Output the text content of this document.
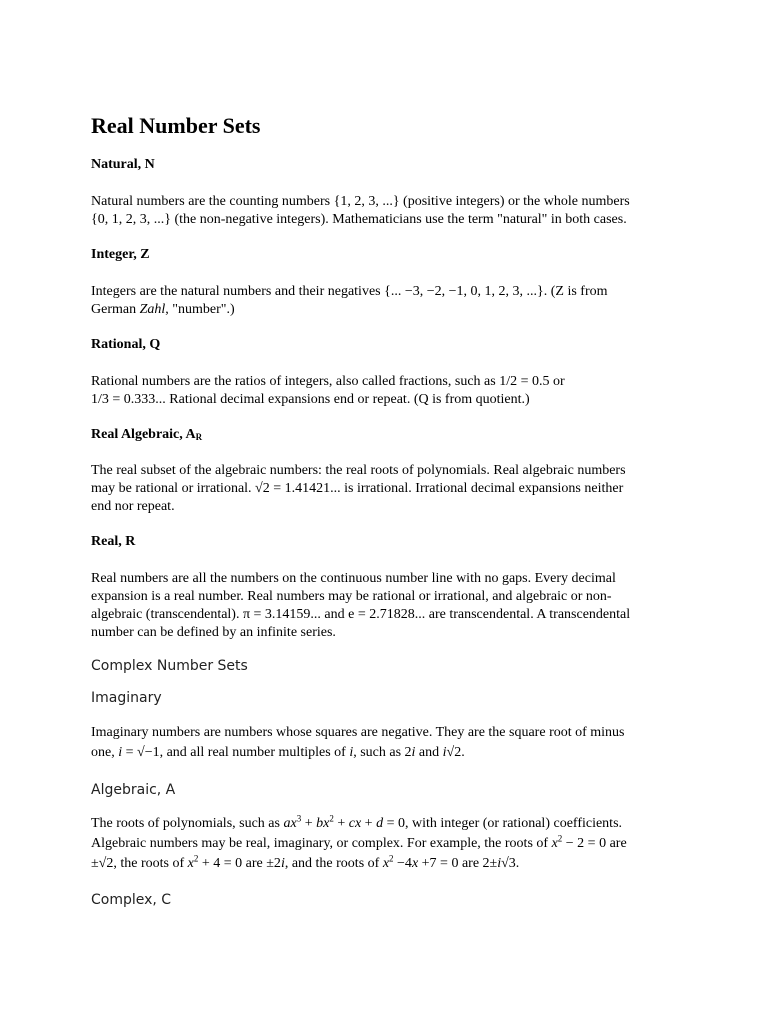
Real Number Sets
Natural, N
Natural numbers are the counting numbers {1, 2, 3, ...} (positive integers) or the whole numbers
{0, 1, 2, 3, ...} (the non-negative integers). Mathematicians use the term "natural" in both cases.
Integer, Z
Integers are the natural numbers and their negatives {... −3, −2, −1, 0, 1, 2, 3, ...}. (Z is from
German Zahl, "number".)
Rational, Q
Rational numbers are the ratios of integers, also called fractions, such as 1/2 = 0.5 or
1/3 = 0.333... Rational decimal expansions end or repeat. (Q is from quotient.)
Real Algebraic, AR
The real subset of the algebraic numbers: the real roots of polynomials. Real algebraic numbers
may be rational or irrational. √2 = 1.41421... is irrational. Irrational decimal expansions neither
end nor repeat.
Real, R
Real numbers are all the numbers on the continuous number line with no gaps. Every decimal
expansion is a real number. Real numbers may be rational or irrational, and algebraic or non-
algebraic (transcendental). π = 3.14159... and e = 2.71828... are transcendental. A transcendental
number can be defined by an infinite series.
Complex Number Sets
Imaginary
Imaginary numbers are numbers whose squares are negative. They are the square root of minus
one, i = √−1, and all real number multiples of i, such as 2i and i√2.
Algebraic, A
The roots of polynomials, such as $ax^3 + bx^2$ + cx + d = 0, with integer (or rational) coefficients.
Algebraic numbers may be real, imaginary, or complex. For example, the roots of $x^2 - 2 = 0$ are
±√2, the roots of $x^2 + 4 = 0$ are ±2i, and the roots of $x^2 -4x +7 = 0$ are 2±i√3.
Complex, C
